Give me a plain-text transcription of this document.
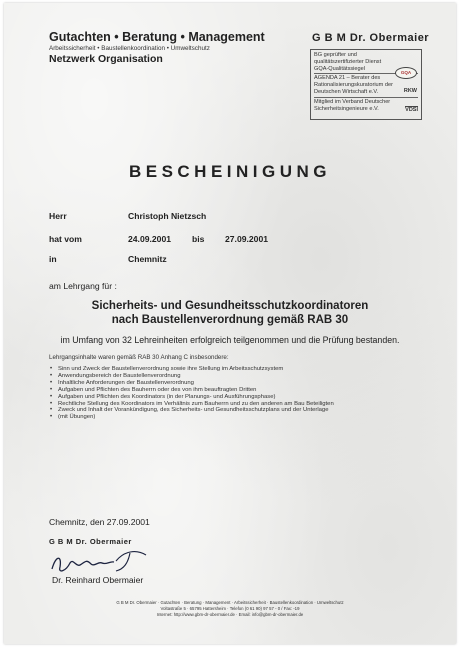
Gutachten • Beratung • Management
Arbeitssicherheit • Baustellenkoordination • Umweltschutz
Netzwerk Organisation
G B M Dr. Obermaier
BG geprüfter und
qualitätszertifizierter Dienst
GQA-Qualitätssiegel
AGENDA 21 – Berater des
Rationalisierungskuratorium der
Deutschen Wirtschaft e.V.
Mitglied im Verband Deutscher
Sicherheitsingenieure e.V.
GQA
RKW
VDSI
BESCHEINIGUNG
Herr	Christoph Nietzsch
hat vom	24.09.2001 bis 27.09.2001
in	Chemnitz
am Lehrgang für :
Sicherheits- und Gesundheitsschutzkoordinatoren
nach Baustellenverordnung gemäß RAB 30
im Umfang von 32 Lehreinheiten erfolgreich teilgenommen und die Prüfung bestanden.
Lehrgangsinhalte waren gemäß RAB 30 Anhang C insbesondere:
• Sinn und Zweck der Baustellenverordnung sowie ihre Stellung im Arbeitsschutzsystem
• Anwendungsbereich der Baustellenverordnung
• Inhaltliche Anforderungen der Baustellenverordnung
• Aufgaben und Pflichten des Bauherrn oder des von ihm beauftragten Dritten
• Aufgaben und Pflichten des Koordinators (in der Planungs- und Ausführungsphase)
• Rechtliche Stellung des Koordinators im Verhältnis zum Bauherrn und zu den anderen am Bau Beteiligten
• Zweck und Inhalt der Vorankündigung, des Sicherheits- und Gesundheitsschutzplans und der Unterlage
• (mit Übungen)
Chemnitz, den 27.09.2001
G B M Dr. Obermaier
Dr. Reinhard Obermaier
G B M Dr. Obermaier · Gutachten · Beratung · Management · Arbeitssicherheit · Baustellenkoordination · Umweltschutz
Voltastraße 5 · 65795 Hattersheim · Telefon (0 61 90) 97 57 - 0 / Fax: -19
Internet: http://www.gbm-dr-obermaier.de · Email: info@gbm-dr-obermaier.de
